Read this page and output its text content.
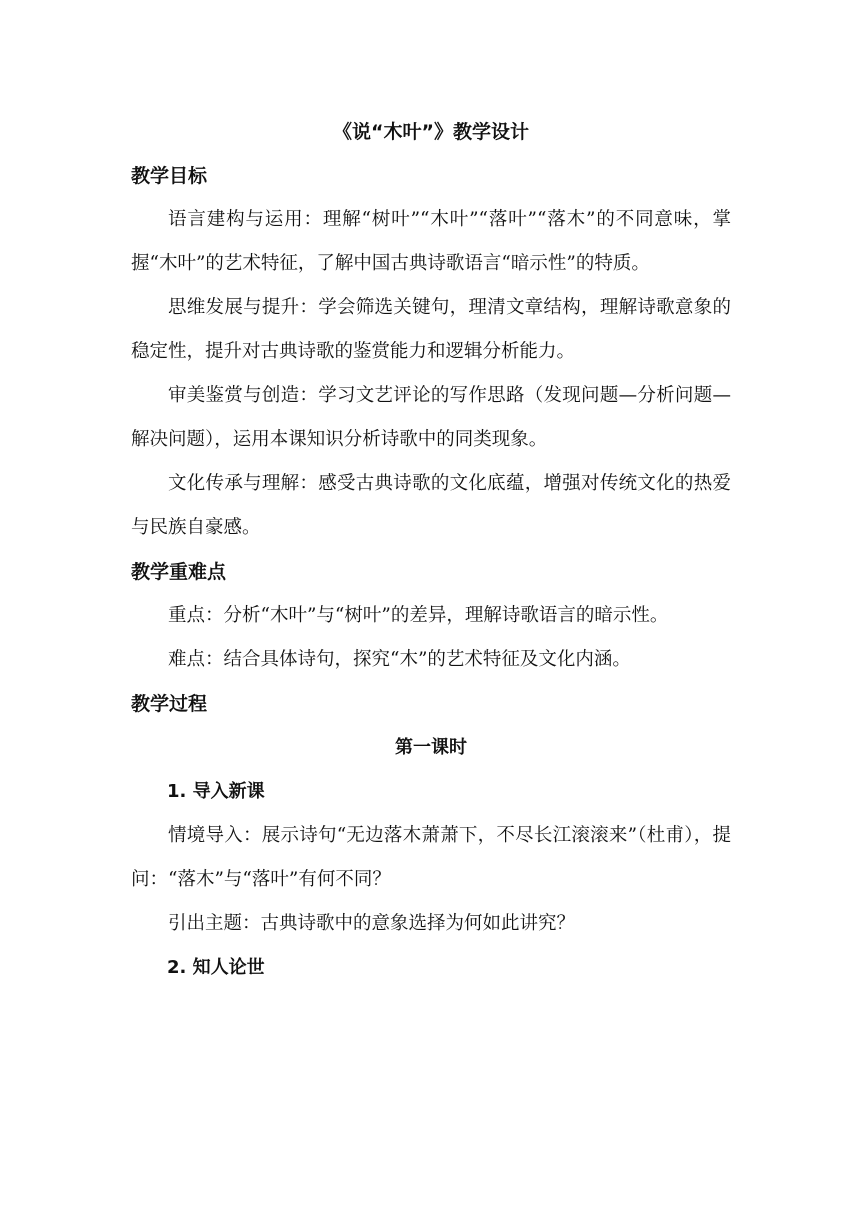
《说“木叶”》教学设计

教学目标

语言建构与运用：理解“树叶”“木叶”“落叶”“落木”的不同意味，掌握“木叶”的艺术特征，了解中国古典诗歌语言“暗示性”的特质。

思维发展与提升：学会筛选关键句，理清文章结构，理解诗歌意象的稳定性，提升对古典诗歌的鉴赏能力和逻辑分析能力。

审美鉴赏与创造：学习文艺评论的写作思路（发现问题—分析问题—解决问题），运用本课知识分析诗歌中的同类现象。

文化传承与理解：感受古典诗歌的文化底蕴，增强对传统文化的热爱与民族自豪感。

教学重难点

重点：分析“木叶”与“树叶”的差异，理解诗歌语言的暗示性。

难点：结合具体诗句，探究“木”的艺术特征及文化内涵。

教学过程

第一课时

1. 导入新课

情境导入：展示诗句“无边落木萧萧下，不尽长江滚滚来”（杜甫），提问：“落木”与“落叶”有何不同？

引出主题：古典诗歌中的意象选择为何如此讲究？

2. 知人论世
